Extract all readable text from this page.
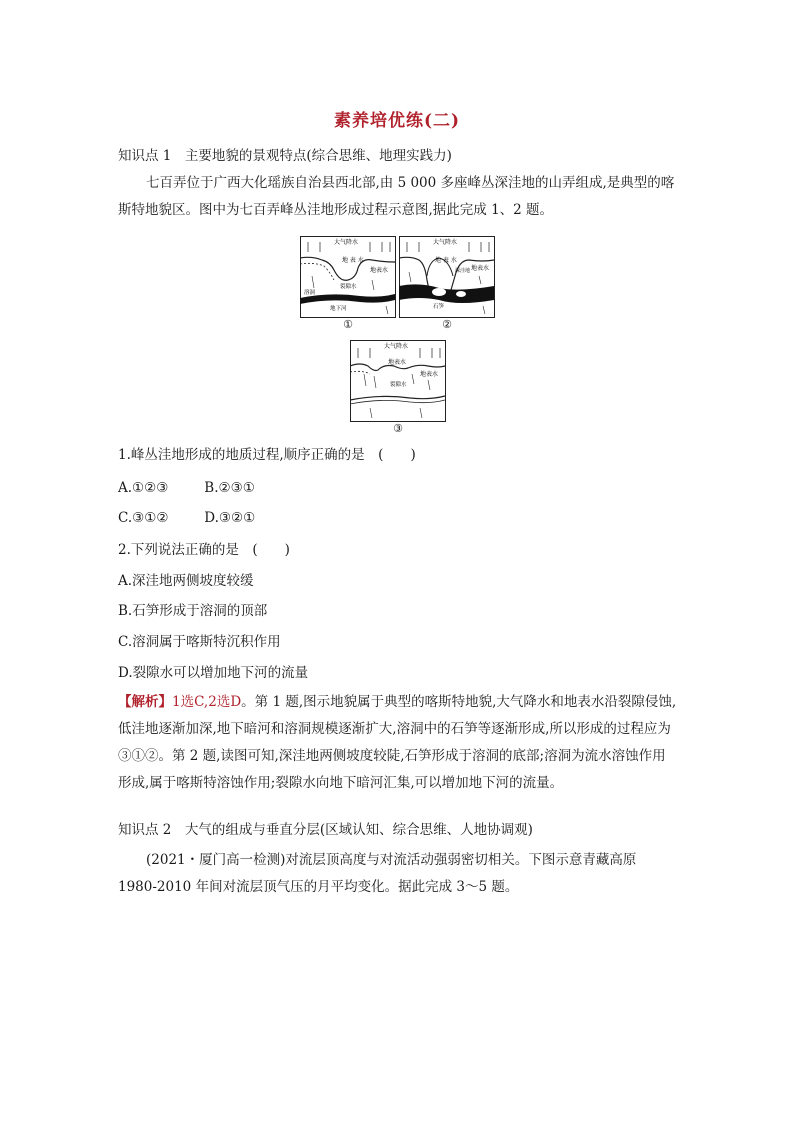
素养培优练(二)
知识点 1　主要地貌的景观特点(综合思维、地理实践力)

七百弄位于广西大化瑶族自治县西北部,由 5 000 多座峰丛深洼地的山弄组成,是典型的喀斯特地貌区。图中为七百弄峰丛洼地形成过程示意图,据此完成 1、2 题。

大气降水
地 表 水
地表水
裂隙水
溶洞
地下河
①
大气降水
地 表 水
地表水
深洼地
石笋
②
大气降水
地表水
地表水
裂隙水
③
1.峰丛洼地形成的地质过程,顺序正确的是　(　　)
A.①②③	B.②③①
C.③①②	D.③②①
2.下列说法正确的是　(　　)
A.深洼地两侧坡度较缓
B.石笋形成于溶洞的顶部
C.溶洞属于喀斯特沉积作用
D.裂隙水可以增加地下河的流量

【解析】1选C,2选D。第 1 题,图示地貌属于典型的喀斯特地貌,大气降水和地表水沿裂隙侵蚀,低洼地逐渐加深,地下暗河和溶洞规模逐渐扩大,溶洞中的石笋等逐渐形成,所以形成的过程应为③①②。第 2 题,读图可知,深洼地两侧坡度较陡,石笋形成于溶洞的底部;溶洞为流水溶蚀作用形成,属于喀斯特溶蚀作用;裂隙水向地下暗河汇集,可以增加地下河的流量。

知识点 2　大气的组成与垂直分层(区域认知、综合思维、人地协调观)

(2021・厦门高一检测)对流层顶高度与对流活动强弱密切相关。下图示意青藏高原 1980-2010 年间对流层顶气压的月平均变化。据此完成 3～5 题。
